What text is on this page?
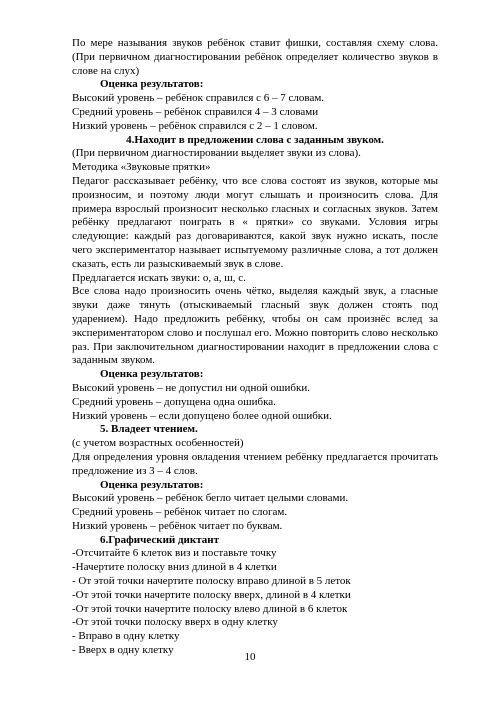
По мере называния звуков ребёнок ставит фишки, составляя схему слова. (При первичном диагностировании ребёнок определяет количество звуков в слове на слух)

Оценка результатов:

Высокий уровень – ребёнок справился с 6 – 7 словам.

Средний уровень – ребёнок справился 4 – 3 словами

Низкий уровень – ребёнок справился с 2 – 1 словом.

4.Находит в предложении слова с заданным звуком.

(При первичном диагностировании выделяет звуки из слова).

Методика «Звуковые прятки»

Педагог рассказывает ребёнку, что все слова состоят из звуков, которые мы произносим, и поэтому люди могут слышать и произносить слова. Для примера взрослый произносит несколько гласных и согласных звуков. Затем ребёнку предлагают поиграть в « прятки» со звуками. Условия игры следующие: каждый раз договариваются, какой звук нужно искать, после чего экспериментатор называет испытуемому различные слова, а тот должен сказать, есть ли разыскиваемый звук в слове.

Предлагается искать звуки: о, а, ш, с.

Все слова надо произносить очень чётко, выделяя каждый звук, а гласные звуки даже тянуть (отыскиваемый гласный звук должен стоять под ударением). Надо предложить ребёнку, чтобы он сам произнёс вслед за экспериментатором слово и послушал его. Можно повторить слово несколько раз. При заключительном диагностировании находит в предложении слова с заданным звуком.

Оценка результатов:

Высокий уровень – не допустил ни одной ошибки.

Средний уровень – допущена одна ошибка.

Низкий уровень – если допущено более одной ошибки.

5. Владеет чтением.

(с учетом возрастных особенностей)

Для определения уровня овладения чтением ребёнку предлагается прочитать предложение из 3 – 4 слов.

Оценка результатов:

Высокий уровень – ребёнок бегло читает целыми словами.

Средний уровень – ребёнок читает по слогам.

Низкий уровень – ребёнок читает по буквам.

6.Графический диктант

-Отсчитайте 6 клеток виз и поставьте точку

-Начертите полоску вниз длиной в 4 клетки

- От этой точки начертите полоску вправо длиной в 5 леток

-От этой точки начертите полоску вверх, длиной в 4 клетки

-От этой точки начертите полоску влево длиной в 6 клеток

-От этой точки полоску вверх в одну клетку

- Вправо в одну клетку

- Вверх в одну клетку

10
